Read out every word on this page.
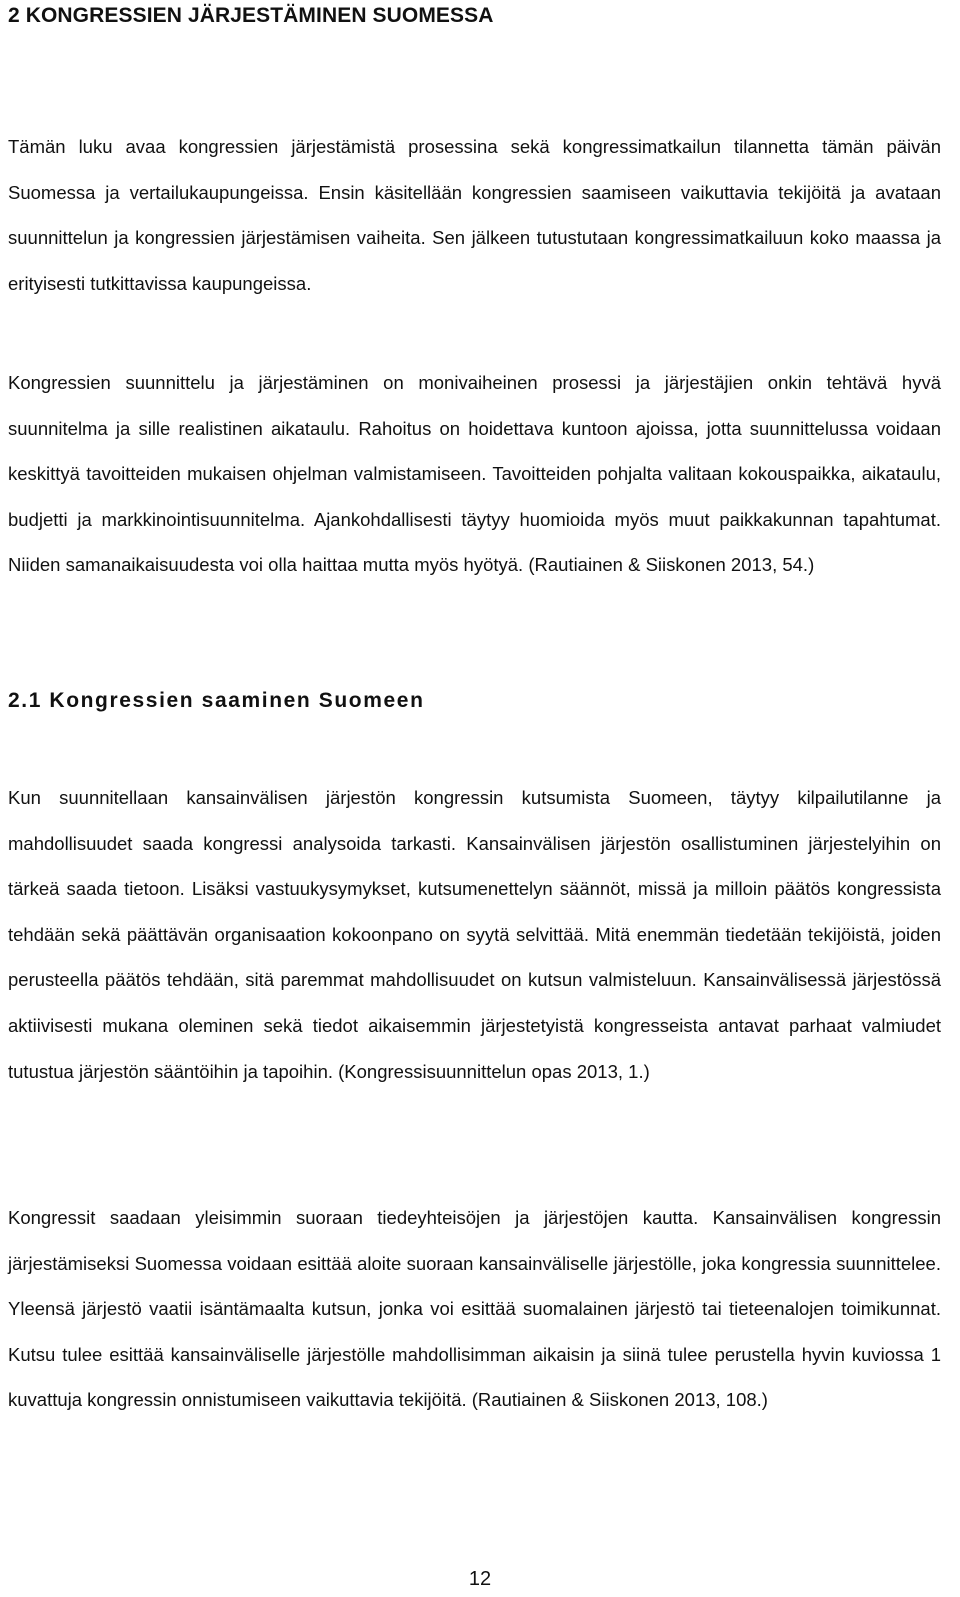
2 KONGRESSIEN JÄRJESTÄMINEN SUOMESSA

Tämän luku avaa kongressien järjestämistä prosessina sekä kongressimatkailun tilannetta tämän päivän Suomessa ja vertailukaupungeissa. Ensin käsitellään kongressien saamiseen vaikuttavia tekijöitä ja avataan suunnittelun ja kongressien järjestämisen vaiheita. Sen jälkeen tutustutaan kongressimatkailuun koko maassa ja erityisesti tutkittavissa kaupungeissa.

Kongressien suunnittelu ja järjestäminen on monivaiheinen prosessi ja järjestäjien onkin tehtävä hyvä suunnitelma ja sille realistinen aikataulu. Rahoitus on hoidettava kuntoon ajoissa, jotta suunnittelussa voidaan keskittyä tavoitteiden mukaisen ohjelman valmistamiseen. Tavoitteiden pohjalta valitaan kokouspaikka, aikataulu, budjetti ja markkinointisuunnitelma. Ajankohdallisesti täytyy huomioida myös muut paikkakunnan tapahtumat. Niiden samanaikaisuudesta voi olla haittaa mutta myös hyötyä. (Rautiainen & Siiskonen 2013, 54.)

2.1 Kongressien saaminen Suomeen

Kun suunnitellaan kansainvälisen järjestön kongressin kutsumista Suomeen, täytyy kilpailutilanne ja mahdollisuudet saada kongressi analysoida tarkasti. Kansainvälisen järjestön osallistuminen järjestelyihin on tärkeä saada tietoon. Lisäksi vastuukysymykset, kutsumenettelyn säännöt, missä ja milloin päätös kongressista tehdään sekä päättävän organisaation kokoonpano on syytä selvittää. Mitä enemmän tiedetään tekijöistä, joiden perusteella päätös tehdään, sitä paremmat mahdollisuudet on kutsun valmisteluun. Kansainvälisessä järjestössä aktiivisesti mukana oleminen sekä tiedot aikaisemmin järjestetyistä kongresseista antavat parhaat valmiudet tutustua järjestön sääntöihin ja tapoihin. (Kongressisuunnittelun opas 2013, 1.)

Kongressit saadaan yleisimmin suoraan tiedeyhteisöjen ja järjestöjen kautta. Kansainvälisen kongressin järjestämiseksi Suomessa voidaan esittää aloite suoraan kansainväliselle järjestölle, joka kongressia suunnittelee. Yleensä järjestö vaatii isäntämaalta kutsun, jonka voi esittää suomalainen järjestö tai tieteenalojen toimikunnat. Kutsu tulee esittää kansainväliselle järjestölle mahdollisimman aikaisin ja siinä tulee perustella hyvin kuviossa 1 kuvattuja kongressin onnistumiseen vaikuttavia tekijöitä. (Rautiainen & Siiskonen 2013, 108.)

12
